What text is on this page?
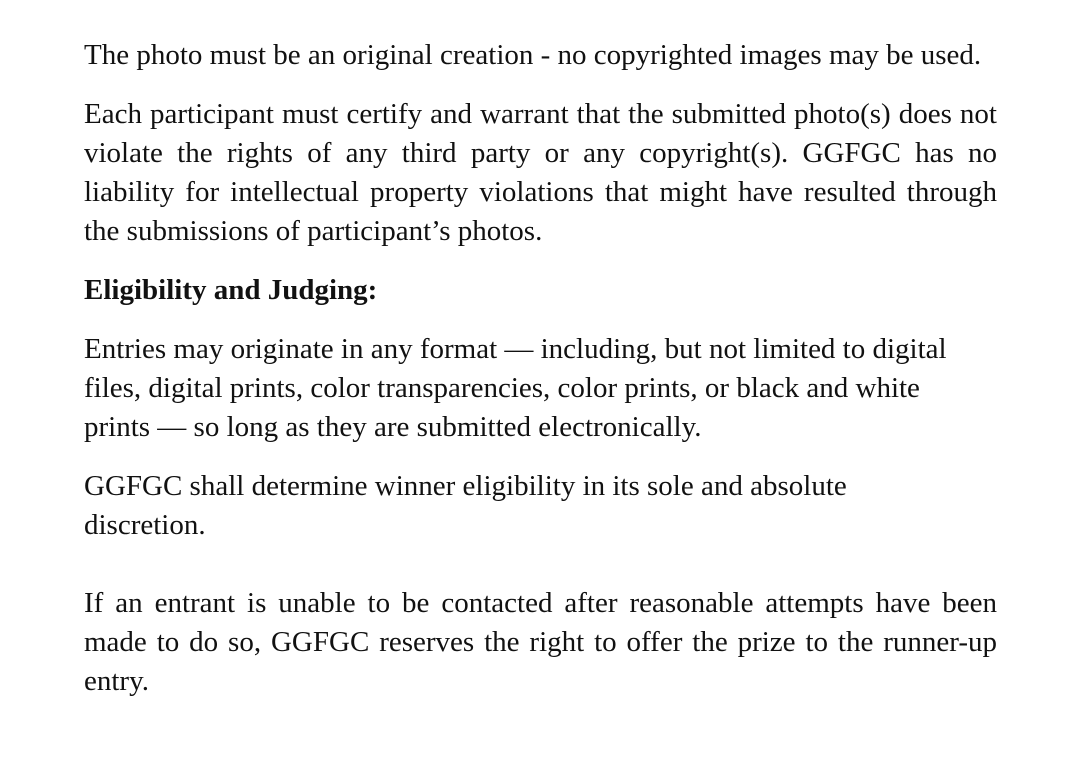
The photo must be an original creation - no copyrighted images may be used.

Each participant must certify and warrant that the submitted photo(s) does not violate the rights of any third party or any copyright(s). GGFGC has no liability for intellectual property violations that might have resulted through the submissions of participant’s photos.

Eligibility and Judging:

Entries may originate in any format — including, but not limited to digital files, digital prints, color transparencies, color prints, or black and white prints — so long as they are submitted electronically.

GGFGC shall determine winner eligibility in its sole and absolute discretion.

If an entrant is unable to be contacted after reasonable attempts have been made to do so, GGFGC reserves the right to offer the prize to the runner-up entry.
